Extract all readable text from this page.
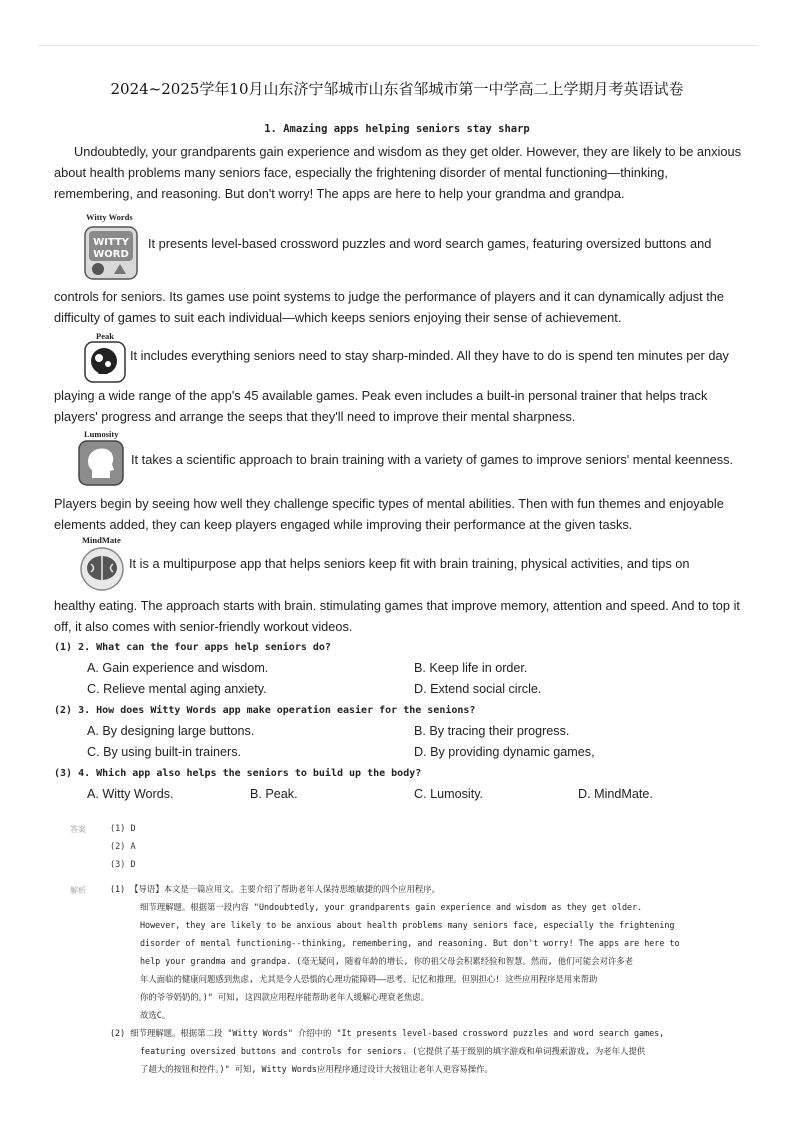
2024~2025学年10月山东济宁邹城市山东省邹城市第一中学高二上学期月考英语试卷
1. Amazing apps helping seniors stay sharp
Undoubtedly, your grandparents gain experience and wisdom as they get older. However, they are likely to be anxious about health problems many seniors face, especially the frightening disorder of mental functioning—thinking, remembering, and reasoning. But don't worry! The apps are here to help your grandma and grandpa.
Witty Words
WITTY
WORD
It presents level-based crossword puzzles and word search games, featuring oversized buttons and
controls for seniors. Its games use point systems to judge the performance of players and it can dynamically adjust the difficulty of games to suit each individual—which keeps seniors enjoying their sense of achievement.
Peak
It includes everything seniors need to stay sharp-minded. All they have to do is spend ten minutes per day
playing a wide range of the app's 45 available games. Peak even includes a built-in personal trainer that helps track players' progress and arrange the seeps that they'll need to improve their mental sharpness.
Lumosity
It takes a scientific approach to brain training with a variety of games to improve seniors' mental keenness.
Players begin by seeing how well they challenge specific types of mental abilities. Then with fun themes and enjoyable elements added, they can keep players engaged while improving their performance at the given tasks.
MindMate
It is a multipurpose app that helps seniors keep fit with brain training, physical activities, and tips on
healthy eating. The approach starts with brain. stimulating games that improve memory, attention and speed. And to top it off, it also comes with senior-friendly workout videos.
(1) 2. What can the four apps help seniors do?
A. Gain experience and wisdom.	B. Keep life in order.
C. Relieve mental aging anxiety.	D. Extend social circle.
(2) 3. How does Witty Words app make operation easier for the senions?
A. By designing large buttons.	B. By tracing their progress.
C. By using built-in trainers.	D. By providing dynamic games,
(3) 4. Which app also helps the seniors to build up the body?
A. Witty Words.	B. Peak.	C. Lumosity.	D. MindMate.
答案	(1) D
(2) A
(3) D
解析	(1) 【导语】本文是一篇应用文。主要介绍了帮助老年人保持思维敏捷的四个应用程序。
细节理解题。根据第一段内容 "Undoubtedly, your grandparents gain experience and wisdom as they get older.
However, they are likely to be anxious about health problems many seniors face, especially the frightening
disorder of mental functioning--thinking, remembering, and reasoning. But don't worry! The apps are here to
help your grandma and grandpa. (毫无疑问, 随着年龄的增长, 你的祖父母会积累经验和智慧。然而, 他们可能会对许多老
年人面临的健康问题感到焦虑, 尤其是令人恐惧的心理功能障碍——思考、记忆和推理。但别担心! 这些应用程序是用来帮助
你的爷爷奶奶的。)" 可知, 这四款应用程序能帮助老年人缓解心理衰老焦虑。
故选C。
(2) 细节理解题。根据第二段 "Witty Words" 介绍中的 "It presents level-based crossword puzzles and word search games,
featuring oversized buttons and controls for seniors. (它提供了基于级别的填字游戏和单词搜索游戏, 为老年人提供
了超大的按钮和控件。)" 可知, Witty Words应用程序通过设计大按钮让老年人更容易操作。
